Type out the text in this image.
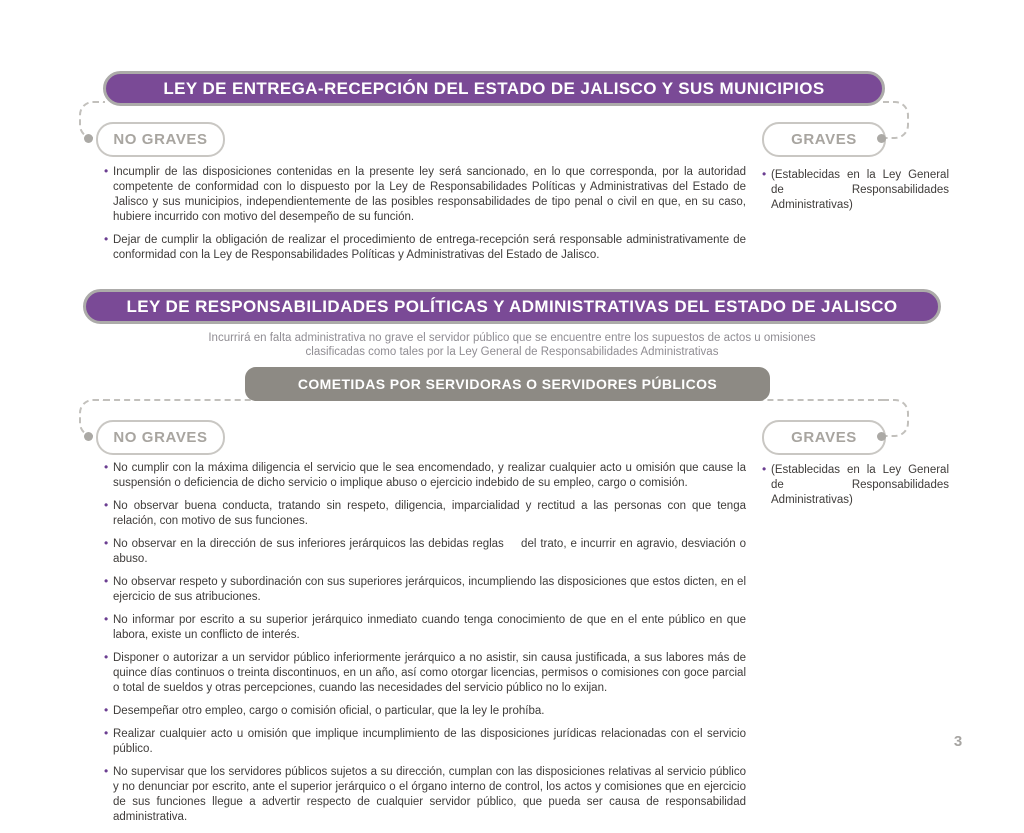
LEY DE ENTREGA-RECEPCIÓN DEL ESTADO DE JALISCO Y SUS MUNICIPIOS
NO GRAVES	GRAVES
• Incumplir de las disposiciones contenidas en la presente ley será sancionado, en lo que corresponda, por la autoridad competente de conformidad con lo dispuesto por la Ley de Responsabilidades Políticas y Administrativas del Estado de Jalisco y sus municipios, independientemente de las posibles responsabilidades de tipo penal o civil en que, en su caso, hubiere incurrido con motivo del desempeño de su función.
• Dejar de cumplir la obligación de realizar el procedimiento de entrega-recepción será responsable administrativamente de conformidad con la Ley de Responsabilidades Políticas y Administrativas del Estado de Jalisco.
• (Establecidas en la Ley General de Responsabilidades Administrativas)
LEY DE RESPONSABILIDADES POLÍTICAS Y ADMINISTRATIVAS DEL ESTADO DE JALISCO
Incurrirá en falta administrativa no grave el servidor público que se encuentre entre los supuestos de actos u omisiones
clasificadas como tales por la Ley General de Responsabilidades Administrativas
COMETIDAS POR SERVIDORAS O SERVIDORES PÚBLICOS
NO GRAVES	GRAVES
• No cumplir con la máxima diligencia el servicio que le sea encomendado, y realizar cualquier acto u omisión que cause la suspensión o deficiencia de dicho servicio o implique abuso o ejercicio indebido de su empleo, cargo o comisión.
• No observar buena conducta, tratando sin respeto, diligencia, imparcialidad y rectitud a las personas con que tenga relación, con motivo de sus funciones.
• No observar en la dirección de sus inferiores jerárquicos las debidas reglas  del trato, e incurrir en agravio, desviación o abuso.
• No observar respeto y subordinación con sus superiores jerárquicos, incumpliendo las disposiciones que estos dicten, en el ejercicio de sus atribuciones.
• No informar por escrito a su superior jerárquico inmediato cuando tenga conocimiento de que en el ente público en que labora, existe un conflicto de interés.
• Disponer o autorizar a un servidor público inferiormente jerárquico a no asistir, sin causa justificada, a sus labores más de quince días continuos o treinta discontinuos, en un año, así como otorgar licencias, permisos o comisiones con goce parcial o total de sueldos y otras percepciones, cuando las necesidades del servicio público no lo exijan.
• Desempeñar otro empleo, cargo o comisión oficial, o particular, que la ley le prohíba.
• Realizar cualquier acto u omisión que implique incumplimiento de las disposiciones jurídicas relacionadas con el servicio público.
• No supervisar que los servidores públicos sujetos a su dirección, cumplan con las disposiciones relativas al servicio público y no denunciar por escrito, ante el superior jerárquico o el órgano interno de control, los actos y comisiones que en ejercicio de sus funciones llegue a advertir respecto de cualquier servidor público, que pueda ser causa de responsabilidad administrativa.
• (Establecidas en la Ley General de Responsabilidades Administrativas)
3
